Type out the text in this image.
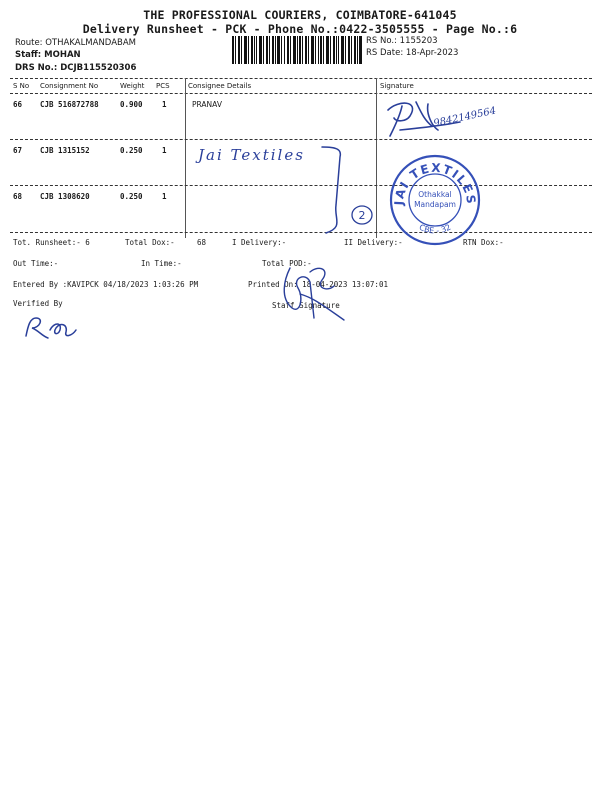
THE PROFESSIONAL COURIERS, COIMBATORE-641045
Delivery Runsheet - PCK - Phone No.:0422-3505555 - Page No.:6
Route: OTHAKALMANDABAM
Staff: MOHAN
DRS No.: DCJB115520306
RS No.: 1155203
RS Date: 18-Apr-2023
S No Consignment No	Weight PCS	Consignee Details	Signature
66 CJB 516872788	0.900	1	PRANAV
67 CJB 1315152	0.250	1
68 CJB 1308620	0.250	1
9842149564
Jai Textiles
2
JAI TEXTILES
Othakkal
Mandapam
CBE - 32
Tot. Runsheet:- 6	Total Dox:-	68	I Delivery:-	II Delivery:-	RTN Dox:-
Out Time:-	In Time:-	Total POD:-
Entered By :KAVIPCK 04/18/2023 1:03:26 PM	Printed On: 18-04-2023 13:07:01
Verified By	Staff Signature
